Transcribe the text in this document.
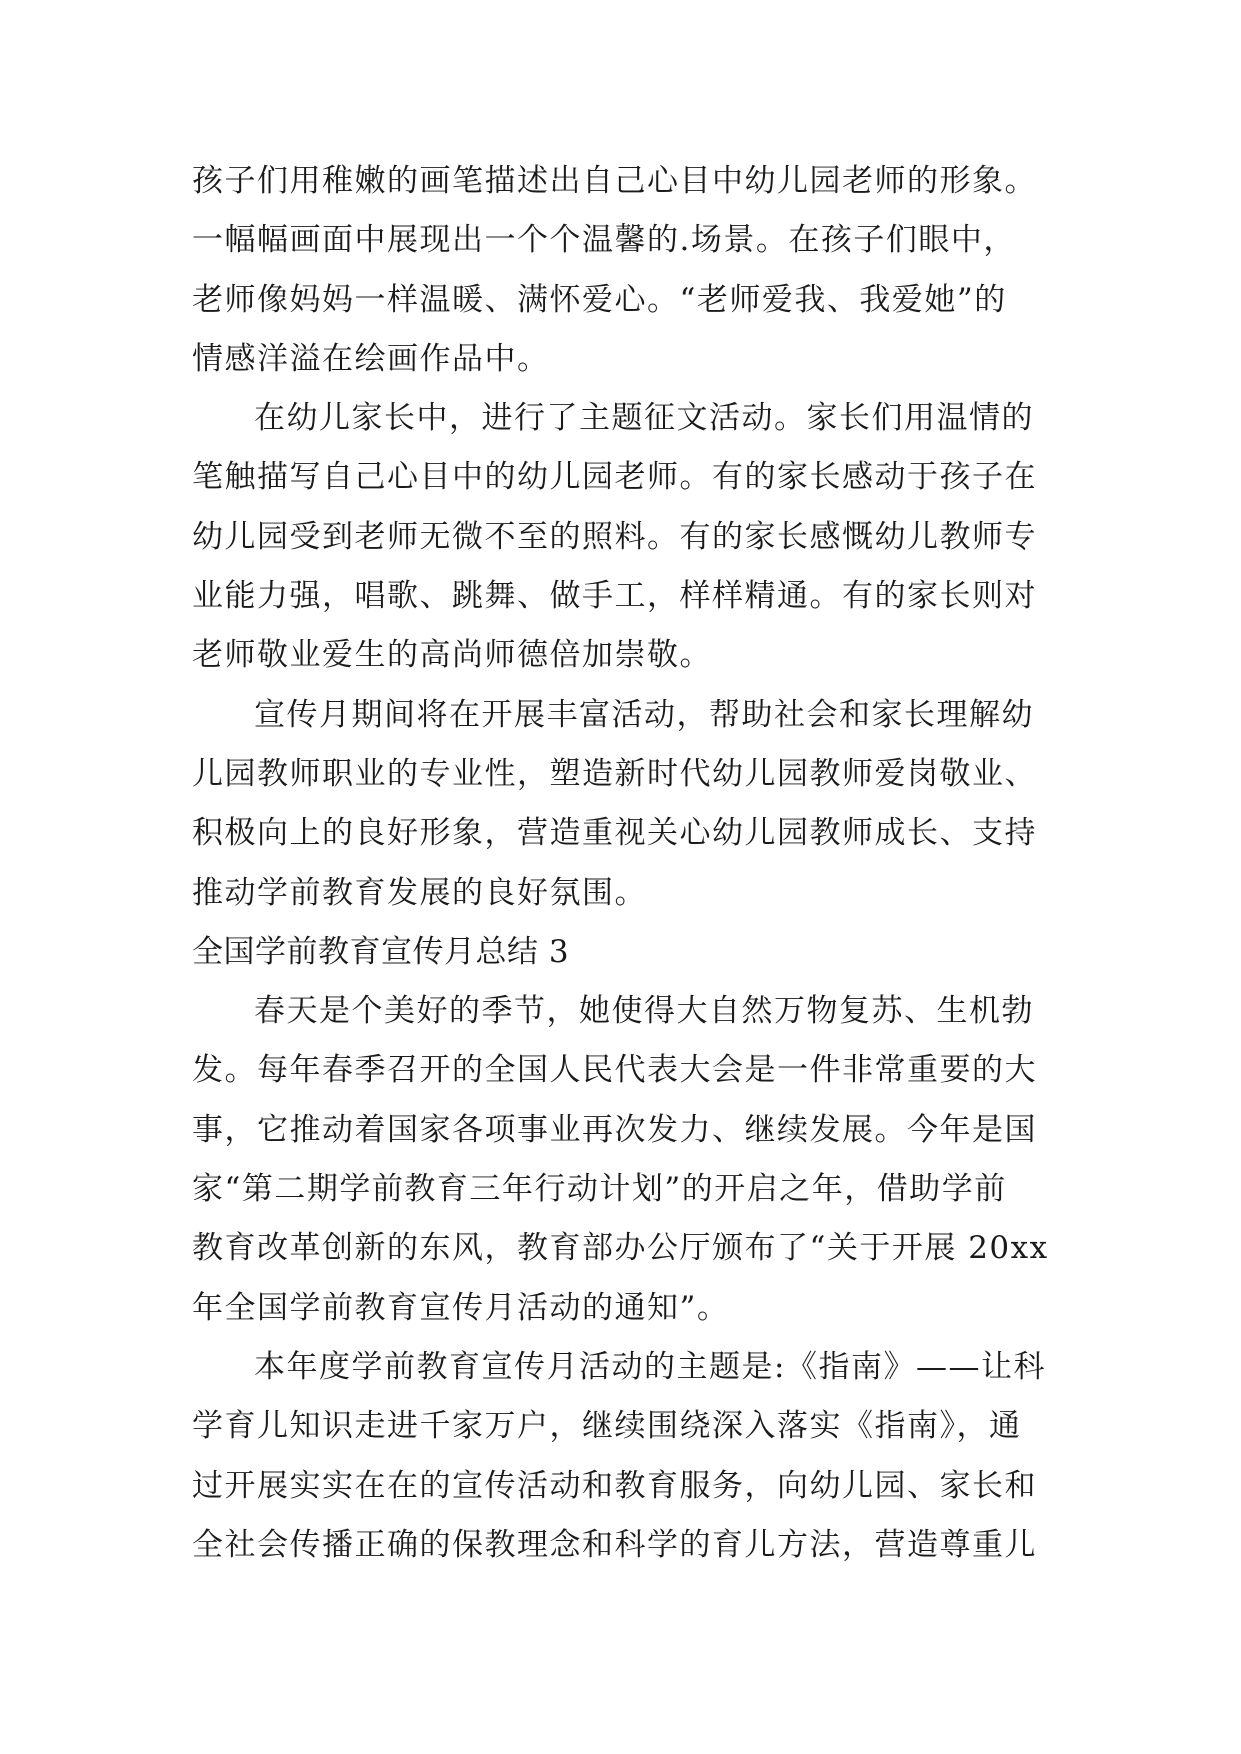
孩子们用稚嫩的画笔描述出自己心目中幼儿园老师的形象。
一幅幅画面中展现出一个个温馨的.场景。在孩子们眼中，
老师像妈妈一样温暖、满怀爱心。“老师爱我、我爱她”的
情感洋溢在绘画作品中。
在幼儿家长中，进行了主题征文活动。家长们用温情的
笔触描写自己心目中的幼儿园老师。有的家长感动于孩子在
幼儿园受到老师无微不至的照料。有的家长感慨幼儿教师专
业能力强，唱歌、跳舞、做手工，样样精通。有的家长则对
老师敬业爱生的高尚师德倍加崇敬。
宣传月期间将在开展丰富活动，帮助社会和家长理解幼
儿园教师职业的专业性，塑造新时代幼儿园教师爱岗敬业、
积极向上的良好形象，营造重视关心幼儿园教师成长、支持
推动学前教育发展的良好氛围。
全国学前教育宣传月总结 3
春天是个美好的季节，她使得大自然万物复苏、生机勃
发。每年春季召开的全国人民代表大会是一件非常重要的大
事，它推动着国家各项事业再次发力、继续发展。今年是国
家“第二期学前教育三年行动计划”的开启之年，借助学前
教育改革创新的东风，教育部办公厅颁布了“关于开展 20xx
年全国学前教育宣传月活动的通知”。
本年度学前教育宣传月活动的主题是:《指南》——让科
学育儿知识走进千家万户，继续围绕深入落实《指南》，通
过开展实实在在的宣传活动和教育服务，向幼儿园、家长和
全社会传播正确的保教理念和科学的育儿方法，营造尊重儿
